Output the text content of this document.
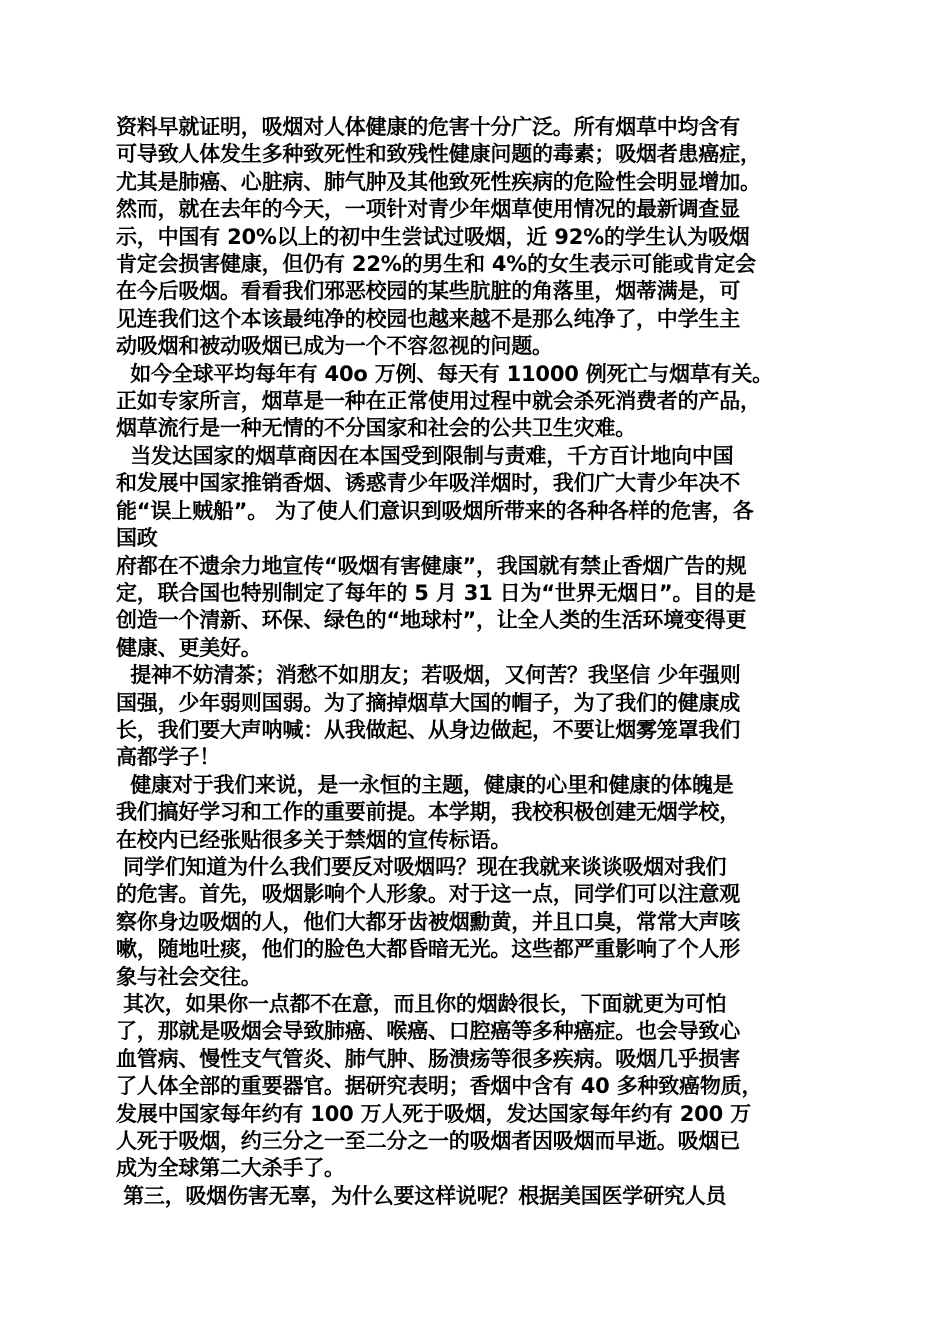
资料早就证明，吸烟对人体健康的危害十分广泛。所有烟草中均含有
可导致人体发生多种致死性和致残性健康问题的毒素；吸烟者患癌症，
尤其是肺癌、心脏病、肺气肿及其他致死性疾病的危险性会明显增加。
然而，就在去年的今天，一项针对青少年烟草使用情况的最新调查显
示，中国有 20%以上的初中生尝试过吸烟，近 92%的学生认为吸烟
肯定会损害健康，但仍有 22%的男生和 4%的女生表示可能或肯定会
在今后吸烟。看看我们邪恶校园的某些肮脏的角落里，烟蒂满是，可
见连我们这个本该最纯净的校园也越来越不是那么纯净了，中学生主
动吸烟和被动吸烟已成为一个不容忽视的问题。

如今全球平均每年有 40o 万例、每天有 11000 例死亡与烟草有关。
正如专家所言，烟草是一种在正常使用过程中就会杀死消费者的产品，
烟草流行是一种无情的不分国家和社会的公共卫生灾难。

当发达国家的烟草商因在本国受到限制与责难，千方百计地向中国
和发展中国家推销香烟、诱惑青少年吸洋烟时，我们广大青少年决不
能“误上贼船”。 为了使人们意识到吸烟所带来的各种各样的危害，各
国政
府都在不遗余力地宣传“吸烟有害健康”，我国就有禁止香烟广告的规
定，联合国也特别制定了每年的 5 月 31 日为“世界无烟日”。目的是
创造一个清新、环保、绿色的“地球村”，让全人类的生活环境变得更
健康、更美好。

提神不妨清茶；消愁不如朋友；若吸烟，又何苦？我坚信 少年强则
国强，少年弱则国弱。为了摘掉烟草大国的帽子，为了我们的健康成
长，我们要大声呐喊：从我做起、从身边做起，不要让烟雾笼罩我们
高都学子！

健康对于我们来说，是一永恒的主题，健康的心里和健康的体魄是
我们搞好学习和工作的重要前提。本学期，我校积极创建无烟学校，
在校内已经张贴很多关于禁烟的宣传标语。

同学们知道为什么我们要反对吸烟吗？现在我就来谈谈吸烟对我们
的危害。首先，吸烟影响个人形象。对于这一点，同学们可以注意观
察你身边吸烟的人，他们大都牙齿被烟勳黄，并且口臭，常常大声咳
嗽，随地吐痰，他们的脸色大都昏暗无光。这些都严重影响了个人形
象与社会交往。

其次，如果你一点都不在意，而且你的烟龄很长，下面就更为可怕
了，那就是吸烟会导致肺癌、喉癌、口腔癌等多种癌症。也会导致心
血管病、慢性支气管炎、肺气肿、肠溃疡等很多疾病。吸烟几乎损害
了人体全部的重要器官。据研究表明；香烟中含有 40 多种致癌物质，
发展中国家每年约有 100 万人死于吸烟，发达国家每年约有 200 万
人死于吸烟，约三分之一至二分之一的吸烟者因吸烟而早逝。吸烟已
成为全球第二大杀手了。

第三，吸烟伤害无辜，为什么要这样说呢？根据美国医学研究人员
